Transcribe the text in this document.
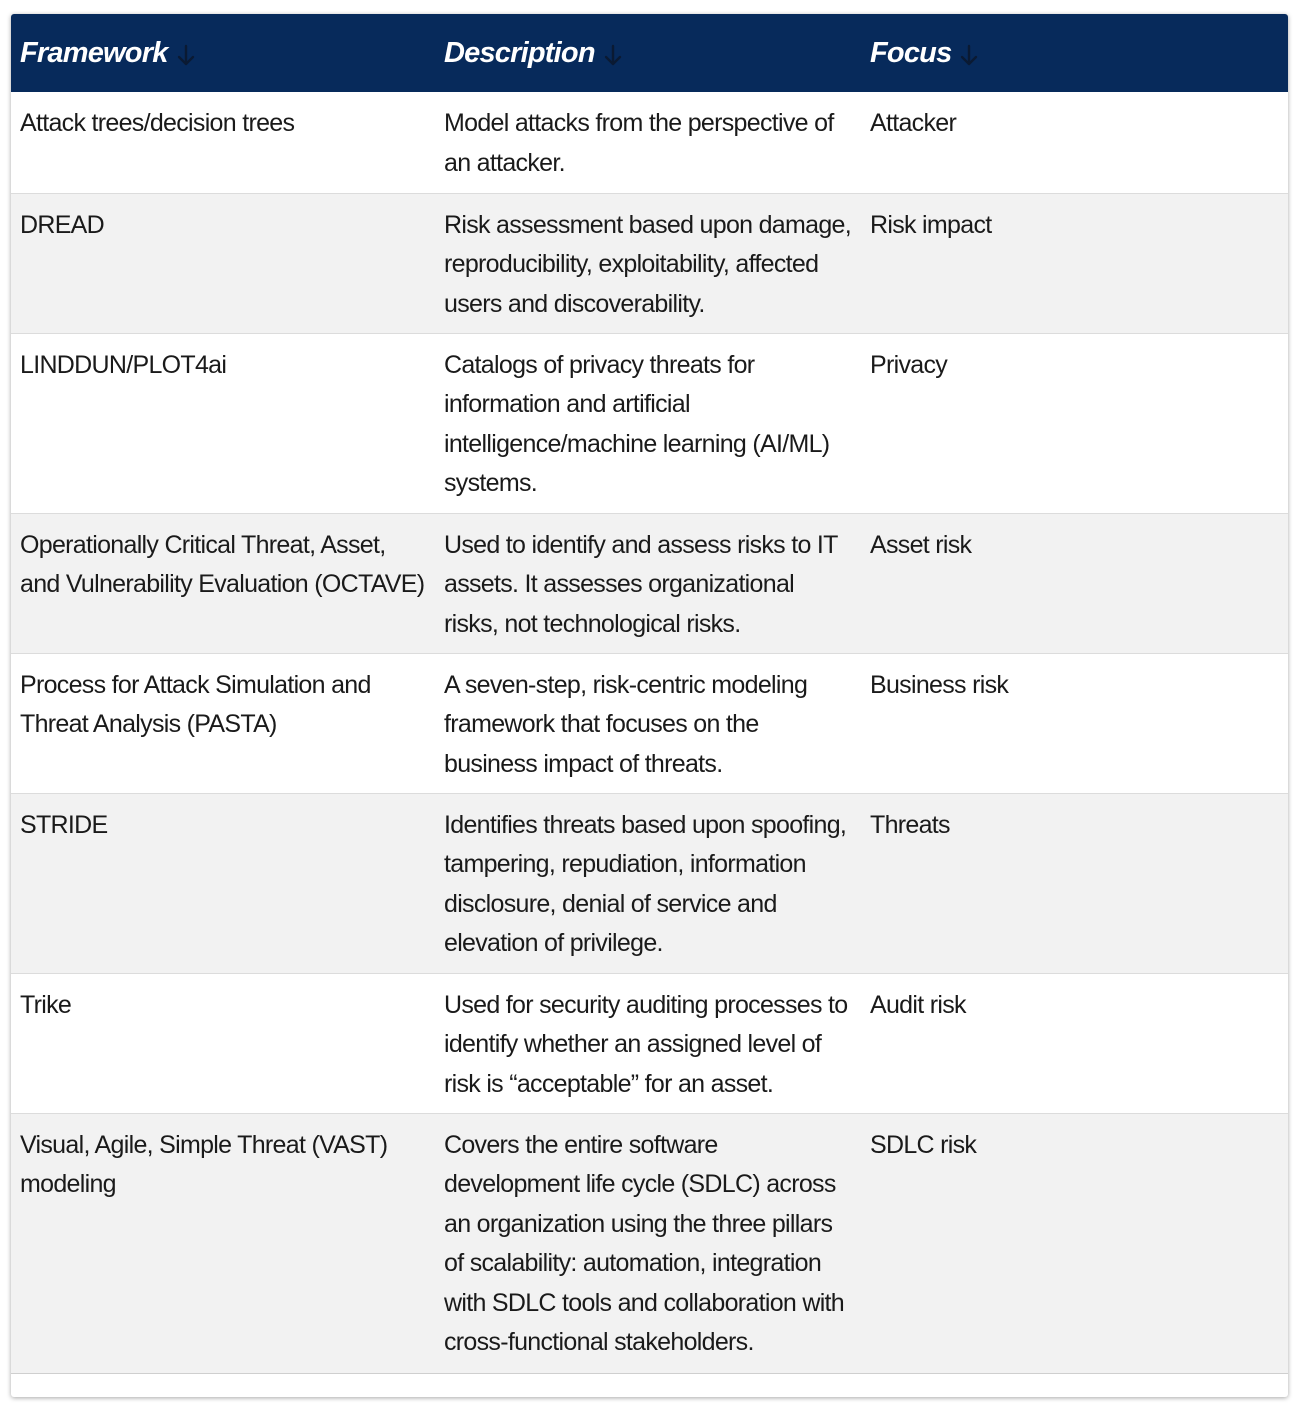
Framework	Description	Focus

Attack trees/decision trees	Model attacks from the perspective of an attacker.	Attacker
DREAD	Risk assessment based upon damage, reproducibility, exploitability, affected users and discoverability.	Risk impact
LINDDUN/PLOT4ai	Catalogs of privacy threats for information and artificial intelligence/machine learning (AI/ML) systems.	Privacy
Operationally Critical Threat, Asset, and Vulnerability Evaluation (OCTAVE)	Used to identify and assess risks to IT assets. It assesses organizational risks, not technological risks.	Asset risk
Process for Attack Simulation and Threat Analysis (PASTA)	A seven-step, risk-centric modeling framework that focuses on the business impact of threats.	Business risk
STRIDE	Identifies threats based upon spoofing, tampering, repudiation, information disclosure, denial of service and elevation of privilege.	Threats
Trike	Used for security auditing processes to identify whether an assigned level of risk is “acceptable” for an asset.	Audit risk
Visual, Agile, Simple Threat (VAST) modeling	Covers the entire software development life cycle (SDLC) across an organization using the three pillars of scalability: automation, integration with SDLC tools and collaboration with cross-functional stakeholders.	SDLC risk
